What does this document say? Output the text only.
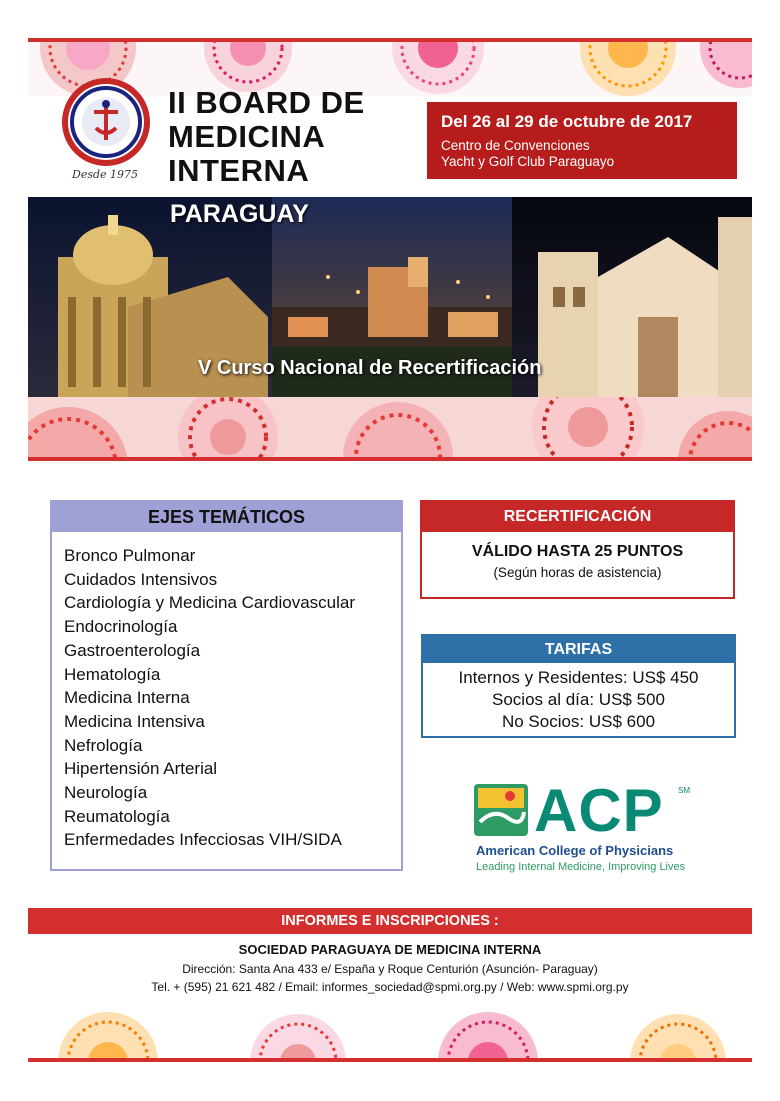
Desde 1975
II BOARD DE
MEDICINA
INTERNA
Del 26 al 29 de octubre de 2017
Centro de Convenciones
Yacht y Golf Club Paraguayo
PARAGUAY
V Curso Nacional de Recertificación
EJES TEMÁTICOS
Bronco Pulmonar
Cuidados Intensivos
Cardiología y Medicina Cardiovascular
Endocrinología
Gastroenterología
Hematología
Medicina Interna
Medicina Intensiva
Nefrología
Hipertensión Arterial
Neurología
Reumatología
Enfermedades Infecciosas VIH/SIDA
RECERTIFICACIÓN
VÁLIDO HASTA 25 PUNTOS
(Según horas de asistencia)
TARIFAS
Internos y Residentes: US$ 450
Socios al día: US$ 500
No Socios: US$ 600
ACP SM
American College of Physicians
Leading Internal Medicine, Improving Lives
INFORMES E INSCRIPCIONES :
SOCIEDAD PARAGUAYA DE MEDICINA INTERNA
Dirección: Santa Ana 433 e/ España y Roque Centurión (Asunción- Paraguay)
Tel. + (595) 21 621 482 / Email: informes_sociedad@spmi.org.py / Web: www.spmi.org.py
